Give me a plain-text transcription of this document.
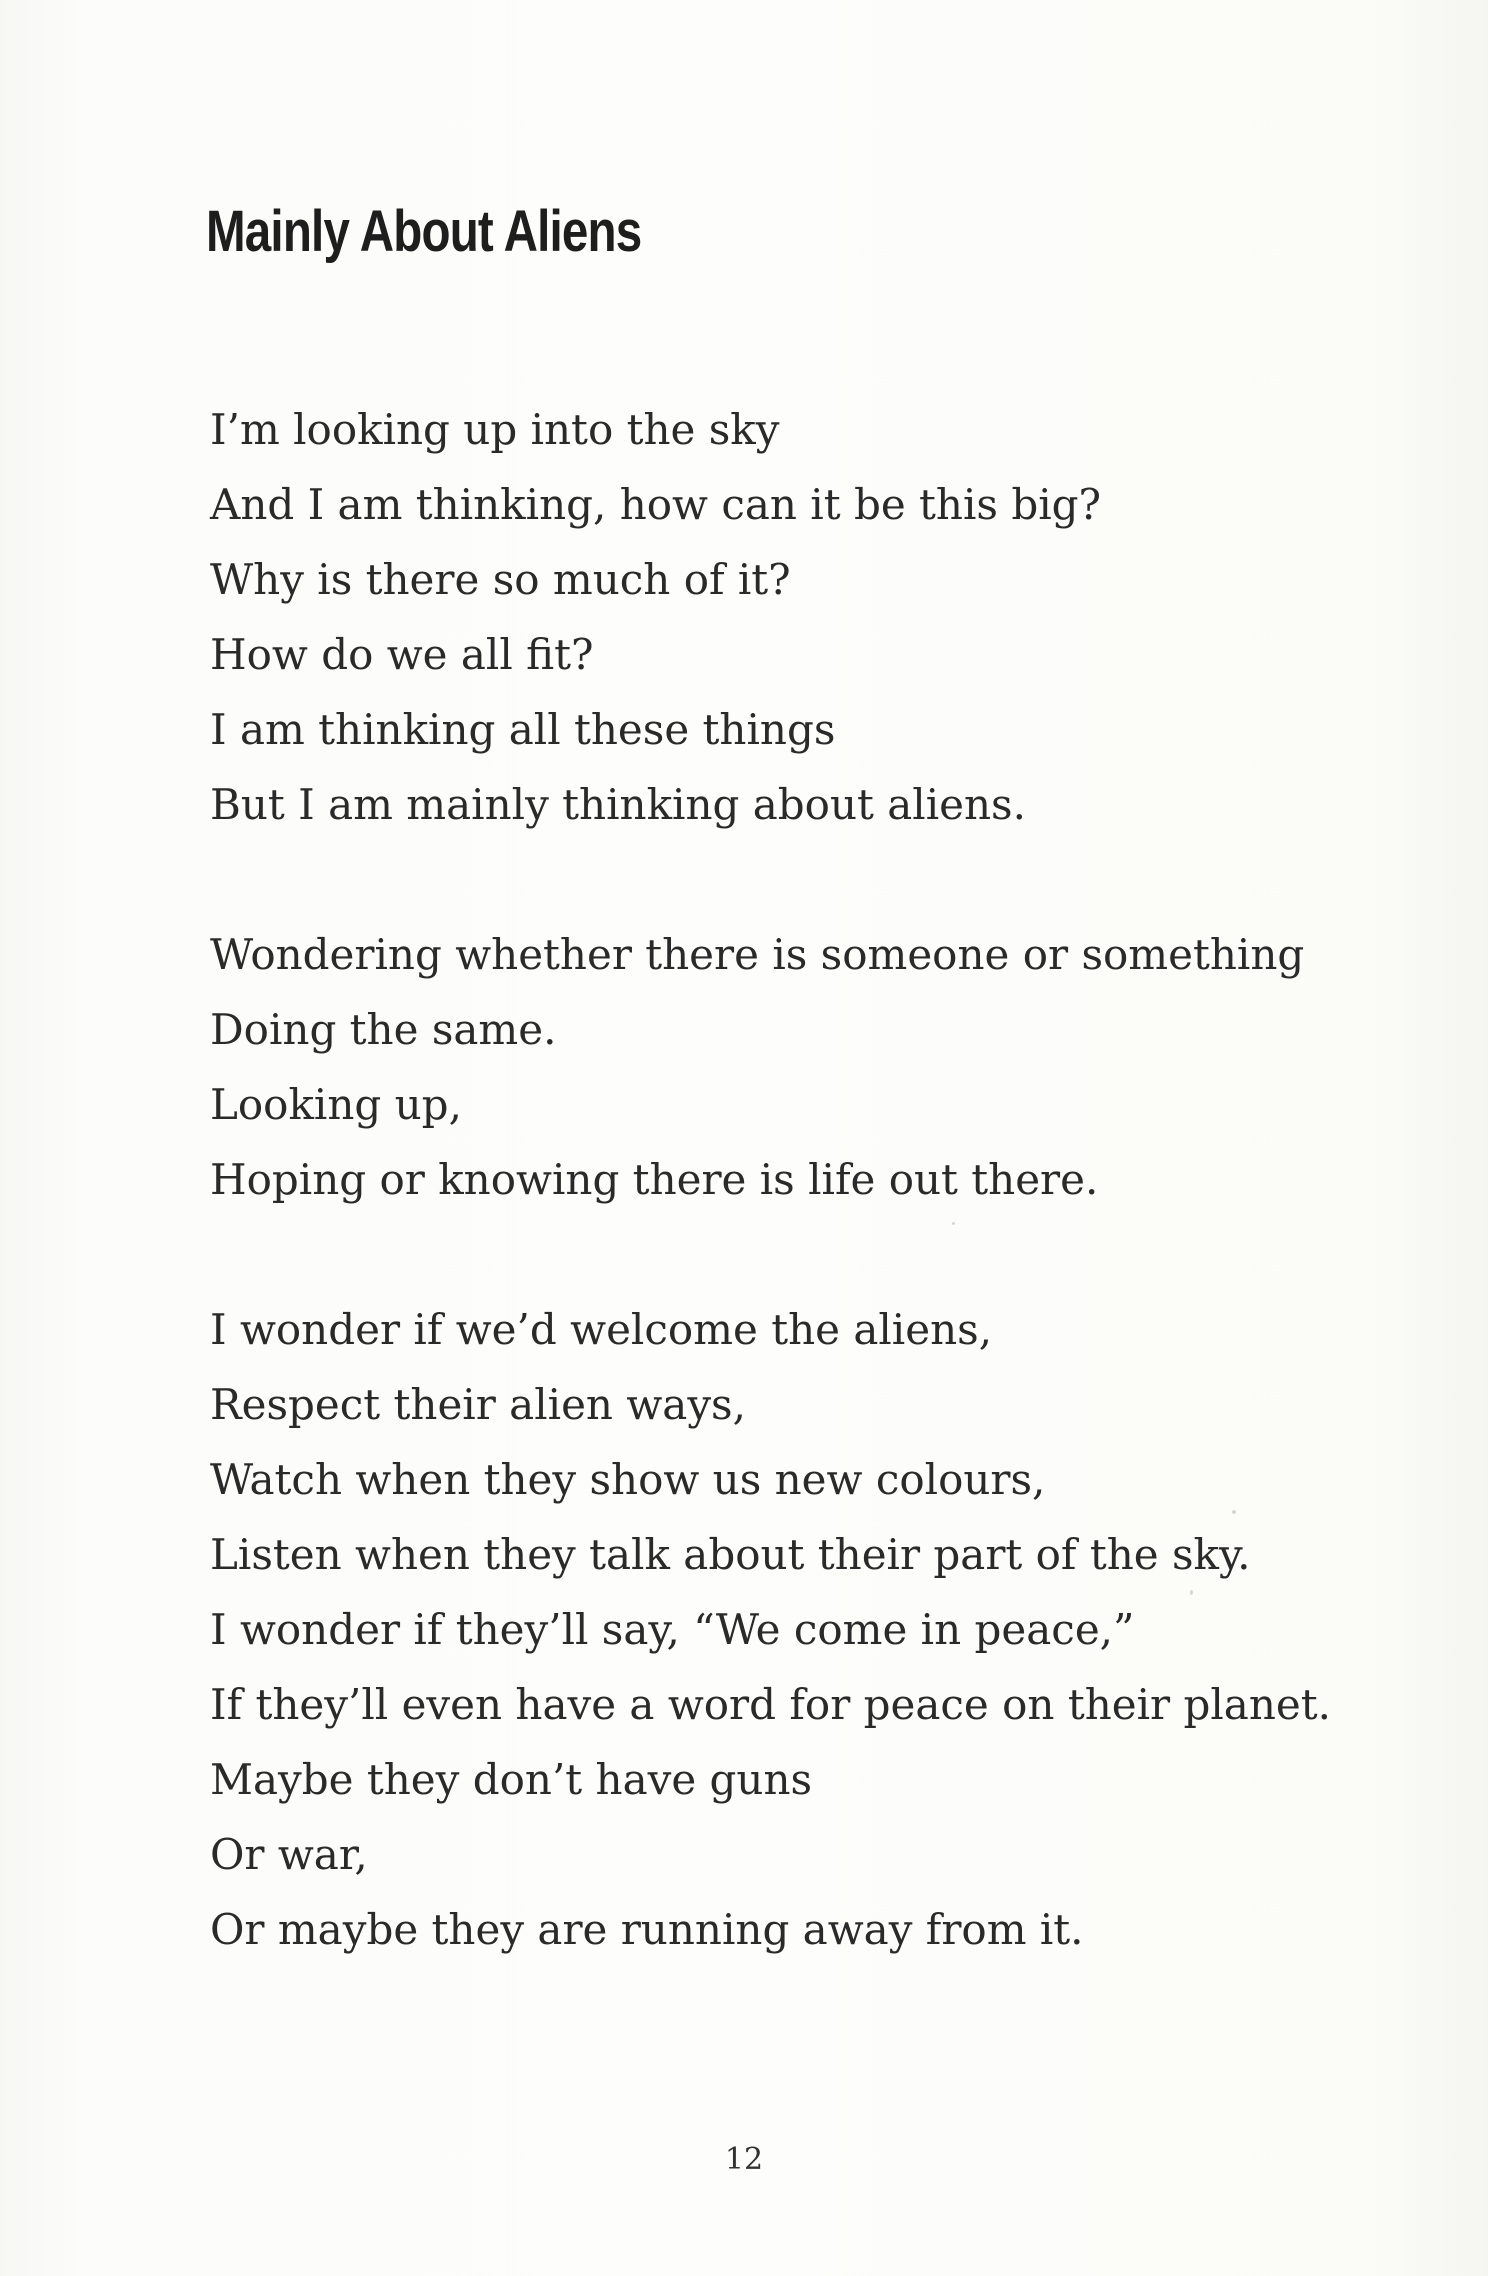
Mainly About Aliens
I’m looking up into the sky
And I am thinking, how can it be this big?
Why is there so much of it?
How do we all fit?
I am thinking all these things
But I am mainly thinking about aliens.
Wondering whether there is someone or something
Doing the same.
Looking up,
Hoping or knowing there is life out there.
I wonder if we’d welcome the aliens,
Respect their alien ways,
Watch when they show us new colours,
Listen when they talk about their part of the sky.
I wonder if they’ll say, “We come in peace,”
If they’ll even have a word for peace on their planet.
Maybe they don’t have guns
Or war,
Or maybe they are running away from it.
12
